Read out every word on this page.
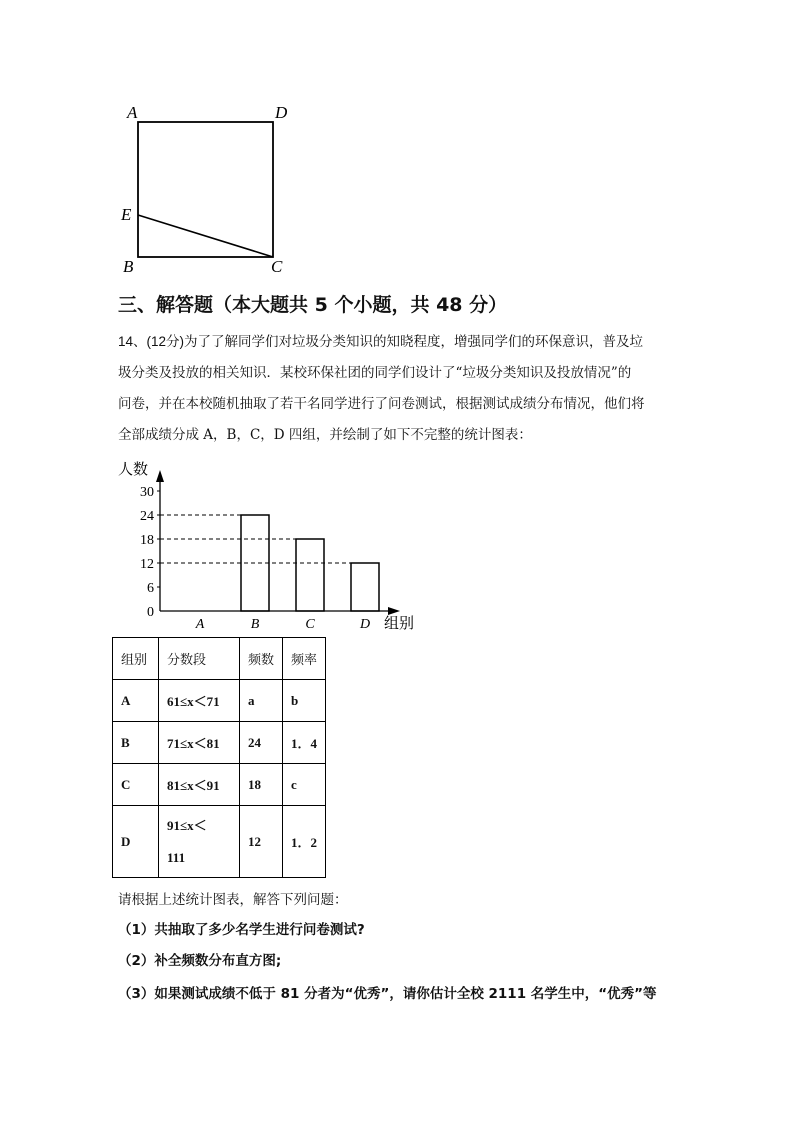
A	D
E
B	C
三、解答题（本大题共 5 个小题，共 48 分）
14、(12分)为了了解同学们对垃圾分类知识的知晓程度，增强同学们的环保意识，普及垃
圾分类及投放的相关知识．某校环保社团的同学们设计了“垃圾分类知识及投放情况”的
问卷，并在本校随机抽取了若干名同学进行了问卷测试，根据测试成绩分布情况，他们将
全部成绩分成 A，B，C，D 四组，并绘制了如下不完整的统计图表：
人数
组别
0
6
12
18
24
30
A	B	C	D
组别	分数段	频数	频率
A	61≤x＜71	a	b
B	71≤x＜81	24	1．4
C	81≤x＜91	18	c
D	91≤x＜
111	12	1．2
请根据上述统计图表，解答下列问题：
（1）共抽取了多少名学生进行问卷测试?
（2）补全频数分布直方图;
（3）如果测试成绩不低于 81 分者为“优秀”，请你估计全校 2111 名学生中，“优秀”等
